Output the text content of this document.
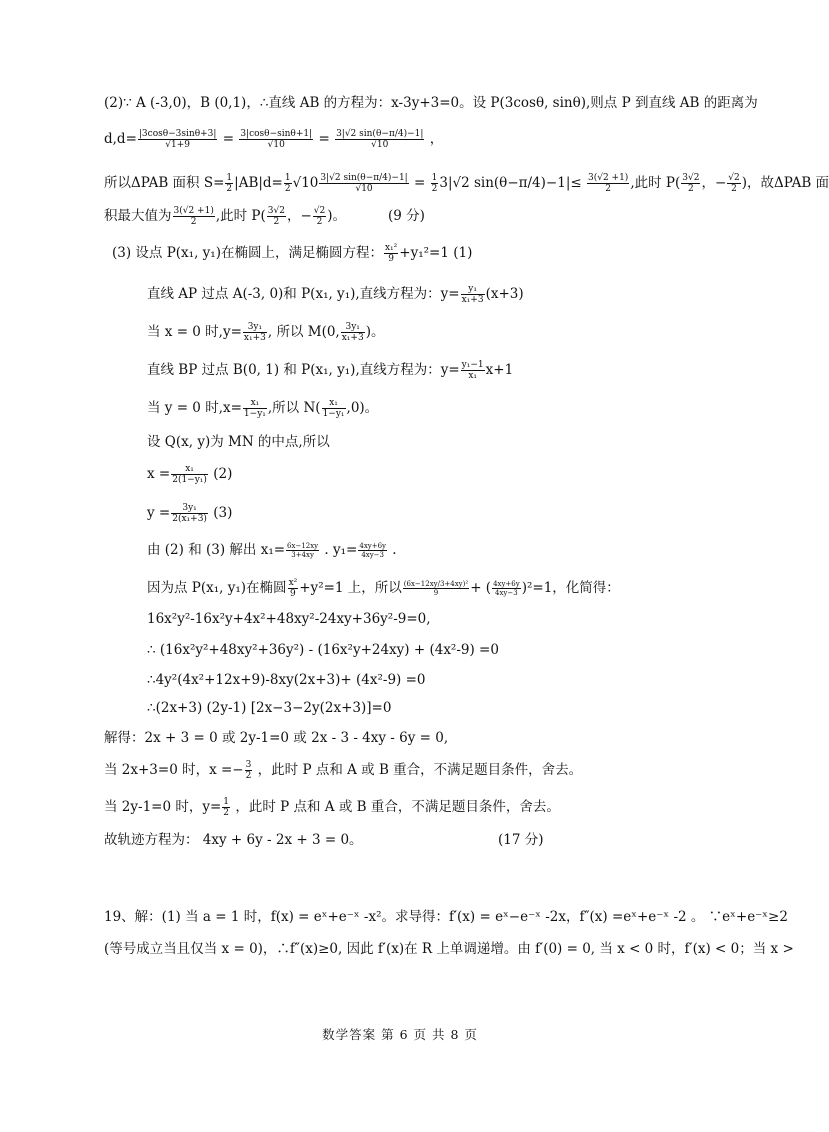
(2)∵ A (-3,0)，B (0,1)，∴直线 AB 的方程为：x-3y+3=0。设 P(3cosθ, sinθ),则点 P 到直线 AB 的距离为
$d,d= \frac{|3\cos\theta-3\sin\theta+3|}{√1+9} = \frac{3|\cos\theta-\sin\theta+1|}{√10} = \frac{3|√2 \sin(\theta-\pi/4)-1|}{√10}$ ，
所以ΔPAB 面积 $S= \frac{1}{2} |AB|d= \frac{1}{2} √10 \frac{3|√2 \sin(\theta-\pi/4)-1|}{√10} = \frac{1}{2} 3|√2$ $\sin(\theta-\pi/4)-1|\le \frac{3(√2 +1)}{2}$ ,此时 $P( \frac{3√2}{2}$ ，− $\frac{√2}{2}$ )，故ΔPAB 面
积最大值为 $\frac{3(√2 +1)}{2}$ ,此时 $P( \frac{3√2}{2}$ ，− $\frac{√2}{2}$ )。	(9 分)
(3) 设点 P(x₁, y₁)在椭圆上，满足椭圆方程： $\frac{\text{x₁²}}{9} +y_1^2=1$ (1)
直线 AP 过点 A(-3, 0)和 P(x₁, y₁),直线方程为：$y= \frac{\text{y₁}}{\text{x₁+3}} (x+3)$
当 x = 0 时$,y= \frac{\text{3y₁}}{\text{x₁+3}}$ , 所以 M(0, $\frac{\text{3y₁}}{\text{x₁+3}}$ )。
直线 BP 过点 B(0, 1) 和 P(x₁, y₁),直线方程为：$y= \frac{\text{y₁−1}}{\text{x₁}} x+1$
当 y = 0 时$,x= \frac{\text{x₁}}{\text{1−y₁}}$ ,所以 $N( \frac{\text{x₁}}{\text{1−y₁}} ,0)$。
设 Q(x, y)为 MN 的中点,所以
$x = \frac{\text{x₁}}{\text{2(1−y₁)}} (2)$
$y = \frac{\text{3y₁}}{\text{2(x₁+3)}} (3)$
由 (2) 和 (3) 解出 $x_1= \frac{6x-12xy}{3+4xy}$ . $y_1= \frac{4xy+6y}{4xy-3}$ .
因为点 P(x₁, y₁)在椭圆 $\frac{\text{x²}}{9} +y^2=1$ 上，所以 $\frac{\text{(6x−12xy/3+4xy)²}}{9}$ + ( $\frac{4xy+6y}{4xy-3} )^2=1$，化简得：
16x²y²-16x²y+4x²+48xy²-24xy+36y²-9=0,
∴ (16x²y²+48xy²+36y²) - (16x²y+24xy) + (4x²-9) =0
∴4y²(4x²+12x+9)-8xy(2x+3)+ (4x²-9) =0
∴(2x+3) (2y-1) [2x−3−2y(2x+3)]=0
解得：2x + 3 = 0 或 2y-1=0 或 2x - 3 - 4xy - 6y = 0,
当 2x+3=0 时，$x =- \frac{3}{2}$ ，此时 P 点和 A 或 B 重合，不满足题目条件，舍去。
当 2y-1=0 时，$y= \frac{1}{2}$ ，此时 P 点和 A 或 B 重合，不满足题目条件，舍去。
故轨迹方程为： 4xy + 6y - 2x + 3 = 0。	(17 分)
19、解：(1) 当 a = 1 时，f(x) = eˣ+e⁻ˣ -x²。求导得：f′(x) = eˣ−e⁻ˣ -2x，f″(x) =eˣ+e⁻ˣ -2 。 ∵eˣ+e⁻ˣ≥2
(等号成立当且仅当 x = 0)，∴f″(x)≥0, 因此 f′(x)在 R 上单调递增。由 f′(0) = 0, 当 x < 0 时，f′(x) < 0；当 x >
数学答案 第 6 页 共 8 页
